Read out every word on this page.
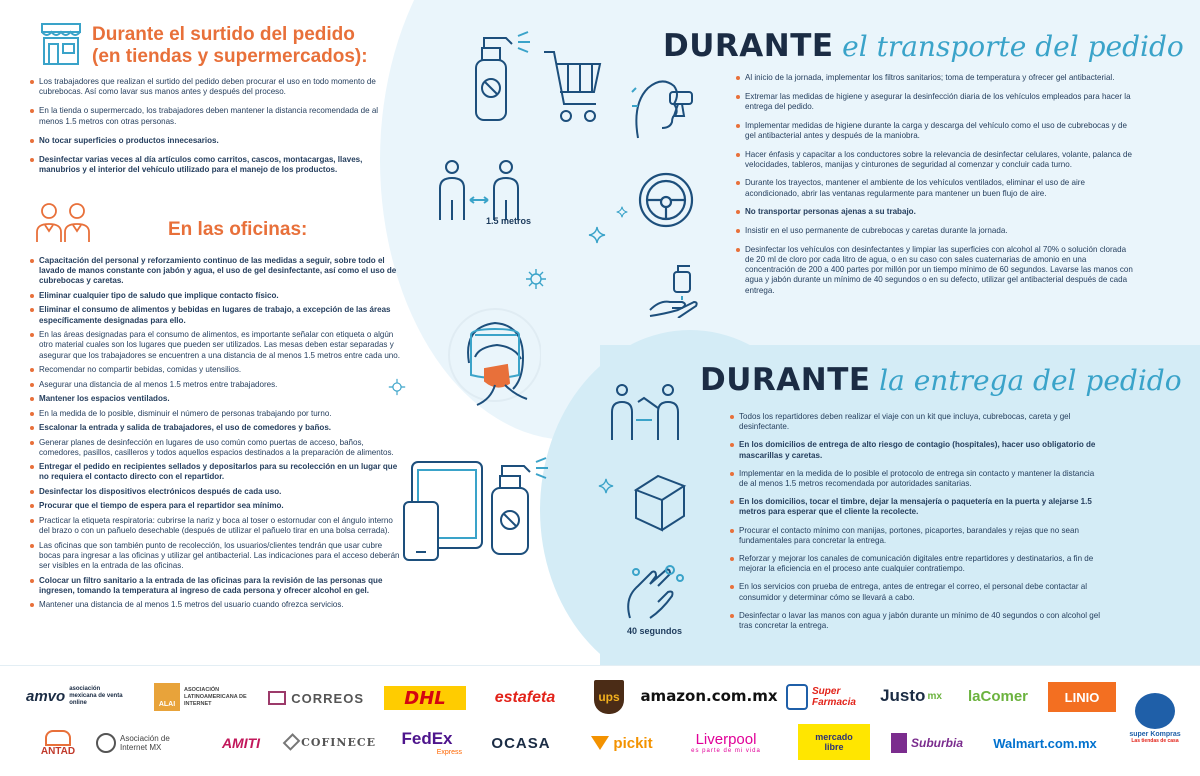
Durante el surtido del pedido
(en tiendas y supermercados):
Los trabajadores que realizan el surtido del pedido deben procurar el uso en todo momento de cubrebocas. Así como lavar sus manos antes y después del proceso.
En la tienda o supermercado, los trabajadores deben mantener la distancia recomendada de al menos 1.5 metros con otras personas.
No tocar superficies o productos innecesarios.
Desinfectar varias veces al día artículos como carritos, cascos, montacargas, llaves, manubrios y el interior del vehículo utilizado para el manejo de los productos.
En las oficinas:
Capacitación del personal y reforzamiento continuo de las medidas a seguir, sobre todo el lavado de manos constante con jabón y agua, el uso de gel desinfectante, así como el uso de cubrebocas y caretas.
Eliminar cualquier tipo de saludo que implique contacto físico.
Eliminar el consumo de alimentos y bebidas en lugares de trabajo, a excepción de las áreas específicamente designadas para ello.
En las áreas designadas para el consumo de alimentos, es importante señalar con etiqueta o algún otro material cuales son los lugares que pueden ser utilizados. Las mesas deben estar separadas y asegurar que los trabajadores se encuentren a una distancia de al menos 1.5 metros entre cada uno.
Recomendar no compartir bebidas, comidas y utensilios.
Asegurar una distancia de al menos 1.5 metros entre trabajadores.
Mantener los espacios ventilados.
En la medida de lo posible, disminuir el número de personas trabajando por turno.
Escalonar la entrada y salida de trabajadores, el uso de comedores y baños.
Generar planes de desinfección en lugares de uso común como puertas de acceso, baños, comedores, pasillos, casilleros y todos aquellos espacios destinados a la preparación de alimentos.
Entregar el pedido en recipientes sellados y depositarlos para su recolección en un lugar que no requiera el contacto directo con el repartidor.
Desinfectar los dispositivos electrónicos después de cada uso.
Procurar que el tiempo de espera para el repartidor sea mínimo.
Practicar la etiqueta respiratoria: cubrirse la nariz y boca al toser o estornudar con el ángulo interno del brazo o con un pañuelo desechable (después de utilizar el pañuelo tirar en una bolsa cerrada).
Las oficinas que son también punto de recolección, los usuarios/clientes tendrán que usar cubre bocas para ingresar a las oficinas y utilizar gel antibacterial. Las indicaciones para el acceso deberán ser visibles en la entrada de las oficinas.
Colocar un filtro sanitario a la entrada de las oficinas para la revisión de las personas que ingresen, tomando la temperatura al ingreso de cada persona y ofrecer alcohol en gel.
Mantener una distancia de al menos 1.5 metros del usuario cuando ofrezca servicios.
1.5 metros
DURANTE el transporte del pedido
Al inicio de la jornada, implementar los filtros sanitarios; toma de temperatura y ofrecer gel antibacterial.
Extremar las medidas de higiene y asegurar la desinfección diaria de los vehículos empleados para hacer la entrega del pedido.
Implementar medidas de higiene durante la carga y descarga del vehículo como el uso de cubrebocas y de gel antibacterial antes y después de la maniobra.
Hacer énfasis y capacitar a los conductores sobre la relevancia de desinfectar celulares, volante, palanca de velocidades, tableros, manijas y cinturones de seguridad al comenzar y concluir cada turno.
Durante los trayectos, mantener el ambiente de los vehículos ventilados, eliminar el uso de aire acondicionado, abrir las ventanas regularmente para mantener un buen flujo de aire.
No transportar personas ajenas a su trabajo.
Insistir en el uso permanente de cubrebocas y caretas durante la jornada.
Desinfectar los vehículos con desinfectantes y limpiar las superficies con alcohol al 70% o solución clorada de 20 ml de cloro por cada litro de agua, o en su caso con sales cuaternarias de amonio en una concentración de 200 a 400 partes por millón por un tiempo mínimo de 60 segundos. Lavarse las manos con agua y jabón durante un mínimo de 40 segundos o en su defecto, utilizar gel antibacterial después de cada entrega.
DURANTE la entrega del pedido
Todos los repartidores deben realizar el viaje con un kit que incluya, cubrebocas, careta y gel desinfectante.
En los domicilios de entrega de alto riesgo de contagio (hospitales), hacer uso obligatorio de mascarillas y caretas.
Implementar en la medida de lo posible el protocolo de entrega sin contacto y mantener la distancia de al menos 1.5 metros recomendada por autoridades sanitarias.
En los domicilios, tocar el timbre, dejar la mensajería o paquetería en la puerta y alejarse 1.5 metros para esperar que el cliente la recolecte.
Procurar el contacto mínimo con manijas, portones, picaportes, barandales y rejas que no sean fundamentales para concretar la entrega.
Reforzar y mejorar los canales de comunicación digitales entre repartidores y destinatarios, a fin de mejorar la eficiencia en el proceso ante cualquier contratiempo.
En los servicios con prueba de entrega, antes de entregar el correo, el personal debe contactar al consumidor y determinar cómo se llevará a cabo.
Desinfectar o lavar las manos con agua y jabón durante un mínimo de 40 segundos o con alcohol gel tras concretar la entrega.
40 segundos
amvo asociación mexicana de venta online	ALAI
ASOCIACIÓN LATINOAMERICANA DE INTERNET	CORREOS DHL	estafeta	ups amazon.com.mx	Super Farmacia	Justo mx laComer	LINIO
super Kompras
Las tiendas de casa
ANTAD
Asociación de Internet MX	AMITI	COFINECE FedEx
Express
OCASA	pickit	Liverpool
es parte de mi vida
mercado libre	Suburbia Walmart.com.mx
